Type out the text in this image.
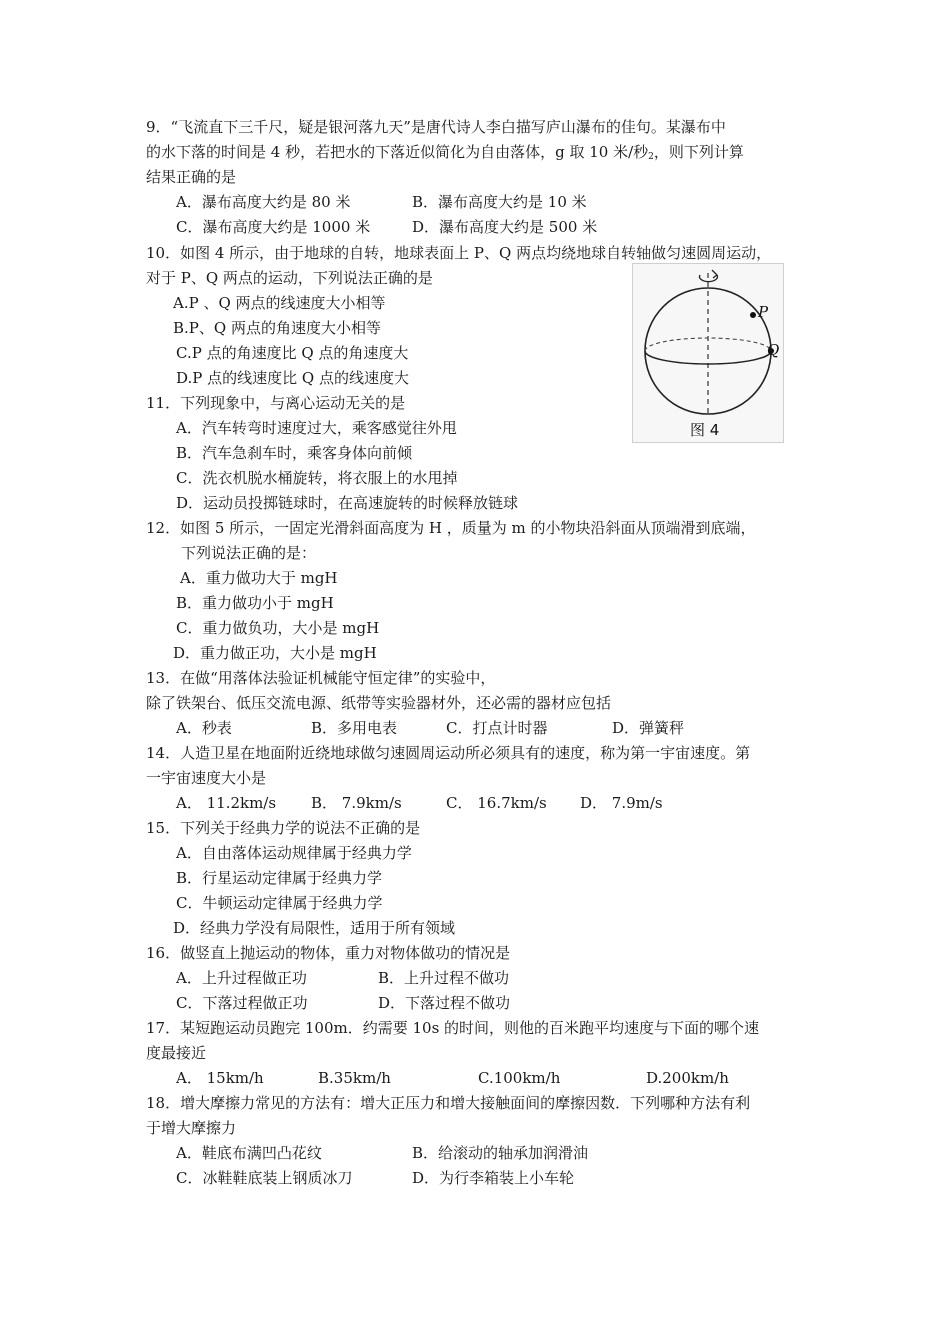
9．“飞流直下三千尺，疑是银河落九天”是唐代诗人李白描写庐山瀑布的佳句。某瀑布中
的水下落的时间是 4 秒，若把水的下落近似简化为自由落体，g 取 10 米/秒$^2$，则下列计算
结果正确的是
A．瀑布高度大约是 80 米	B．瀑布高度大约是 10 米
C．瀑布高度大约是 1000 米	D．瀑布高度大约是 500 米
10．如图 4 所示，由于地球的自转，地球表面上 P、Q 两点均绕地球自转轴做匀速圆周运动，
对于 P、Q 两点的运动，下列说法正确的是
A.P 、Q 两点的线速度大小相等
B.P、Q 两点的角速度大小相等
C.P 点的角速度比 Q 点的角速度大
D.P 点的线速度比 Q 点的线速度大
P
Q
图 4
11．下列现象中，与离心运动无关的是
A．汽车转弯时速度过大，乘客感觉往外甩
B．汽车急刹车时，乘客身体向前倾
C．洗衣机脱水桶旋转，将衣服上的水甩掉
D．运动员投掷链球时，在高速旋转的时候释放链球
12．如图 5 所示，一固定光滑斜面高度为 H ，质量为 m 的小物块沿斜面从顶端滑到底端，
下列说法正确的是：
A．重力做功大于 mgH
B．重力做功小于 mgH
C．重力做负功，大小是 mgH
D．重力做正功，大小是 mgH
13．在做“用落体法验证机械能守恒定律”的实验中，
除了铁架台、低压交流电源、纸带等实验器材外，还必需的器材应包括
A．秒表	B．多用电表	C．打点计时器	D．弹簧秤
14．人造卫星在地面附近绕地球做匀速圆周运动所必须具有的速度，称为第一宇宙速度。第
一宇宙速度大小是
A． 11.2km/s B． 7.9km/s	C． 16.7km/s D． 7.9m/s
15．下列关于经典力学的说法不正确的是
A．自由落体运动规律属于经典力学
B．行星运动定律属于经典力学
C．牛顿运动定律属于经典力学
D．经典力学没有局限性，适用于所有领域
16．做竖直上抛运动的物体，重力对物体做功的情况是
A．上升过程做正功	B．上升过程不做功
C．下落过程做正功	D．下落过程不做功
17．某短跑运动员跑完 100m．约需要 10s 的时间，则他的百米跑平均速度与下面的哪个速
度最接近
A． 15km/h	B.35km/h	C.100km/h	D.200km/h
18．增大摩擦力常见的方法有：增大正压力和增大接触面间的摩擦因数．下列哪种方法有利
于增大摩擦力
A．鞋底布满凹凸花纹	B．给滚动的轴承加润滑油
C．冰鞋鞋底装上钢质冰刀	D．为行李箱装上小车轮
